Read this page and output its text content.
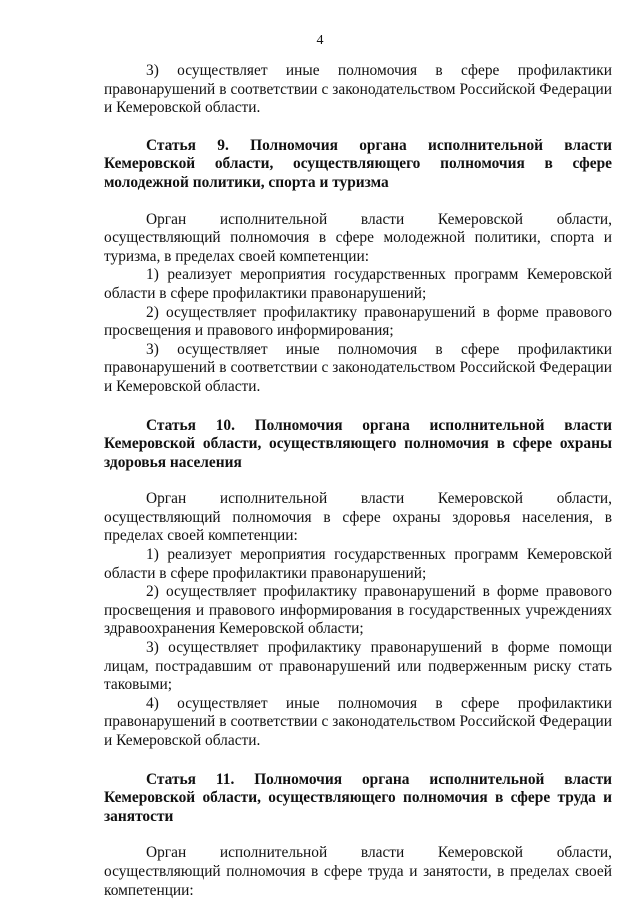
4

3) осуществляет иные полномочия в сфере профилактики правонарушений в соответствии с законодательством Российской Федерации и Кемеровской области.

Статья 9. Полномочия органа исполнительной власти Кемеровской области, осуществляющего полномочия в сфере молодежной политики, спорта и туризма

Орган исполнительной власти Кемеровской области, осуществляющий полномочия в сфере молодежной политики, спорта и туризма, в пределах своей компетенции:

1) реализует мероприятия государственных программ Кемеровской области в сфере профилактики правонарушений;

2) осуществляет профилактику правонарушений в форме правового просвещения и правового информирования;

3) осуществляет иные полномочия в сфере профилактики правонарушений в соответствии с законодательством Российской Федерации и Кемеровской области.

Статья 10. Полномочия органа исполнительной власти Кемеровской области, осуществляющего полномочия в сфере охраны здоровья населения

Орган исполнительной власти Кемеровской области, осуществляющий полномочия в сфере охраны здоровья населения, в пределах своей компетенции:

1) реализует мероприятия государственных программ Кемеровской области в сфере профилактики правонарушений;

2) осуществляет профилактику правонарушений в форме правового просвещения и правового информирования в государственных учреждениях здравоохранения Кемеровской области;

3) осуществляет профилактику правонарушений в форме помощи лицам, пострадавшим от правонарушений или подверженным риску стать таковыми;

4) осуществляет иные полномочия в сфере профилактики правонарушений в соответствии с законодательством Российской Федерации и Кемеровской области.

Статья 11. Полномочия органа исполнительной власти Кемеровской области, осуществляющего полномочия в сфере труда и занятости

Орган исполнительной власти Кемеровской области, осуществляющий полномочия в сфере труда и занятости, в пределах своей компетенции:
